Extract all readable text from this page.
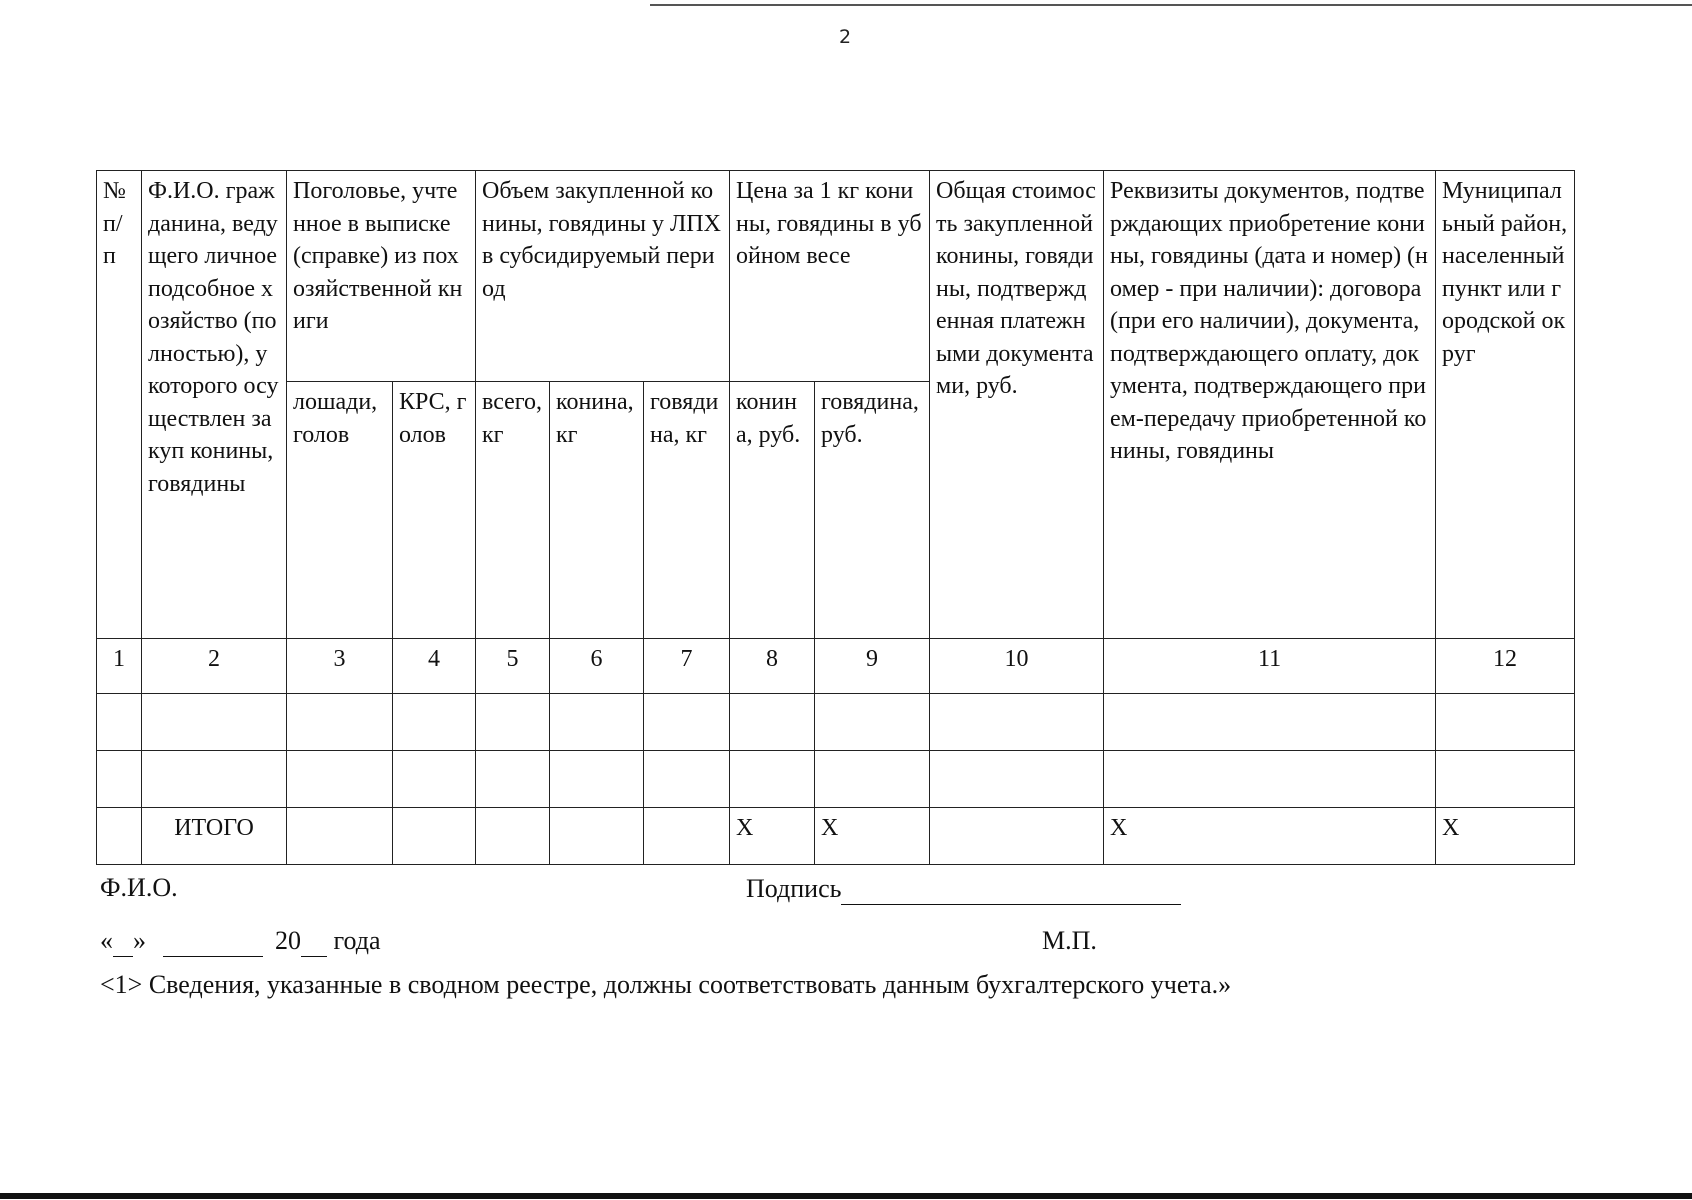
2
№ п/п	Ф.И.О. гражданина, ведущего личное подсобное хозяйство (полностью), у которого осуществлен закуп конины, говядины	Поголовье, учтенное в выписке (справке) из похозяйственной книги		Объем закупленной конины, говядины у ЛПХ в субсидируемый период			Цена за 1 кг конины, говядины в убойном весе		Общая стоимость закупленной конины, говядины, подтвержденная платежными документами, руб.	Реквизиты документов, подтверждающих приобретение конины, говядины (дата и номер) (номер - при наличии): договора (при его наличии), документа, подтверждающего оплату, документа, подтверждающего прием-передачу приобретенной конины, говядины	Муниципальный район, населенный пункт или городской округ
		лошади, голов	КРС, голов	всего, кг	конина, кг	говядина, кг	конина, руб.	говядина, руб.			
1	2	3	4	5	6	7	8	9	10	11	12

	ИТОГО						Х	Х		Х	Х
Ф.И.О.	Подпись
« »	20 года	М.П.
<1> Сведения, указанные в сводном реестре, должны соответствовать данным бухгалтерского учета.»
